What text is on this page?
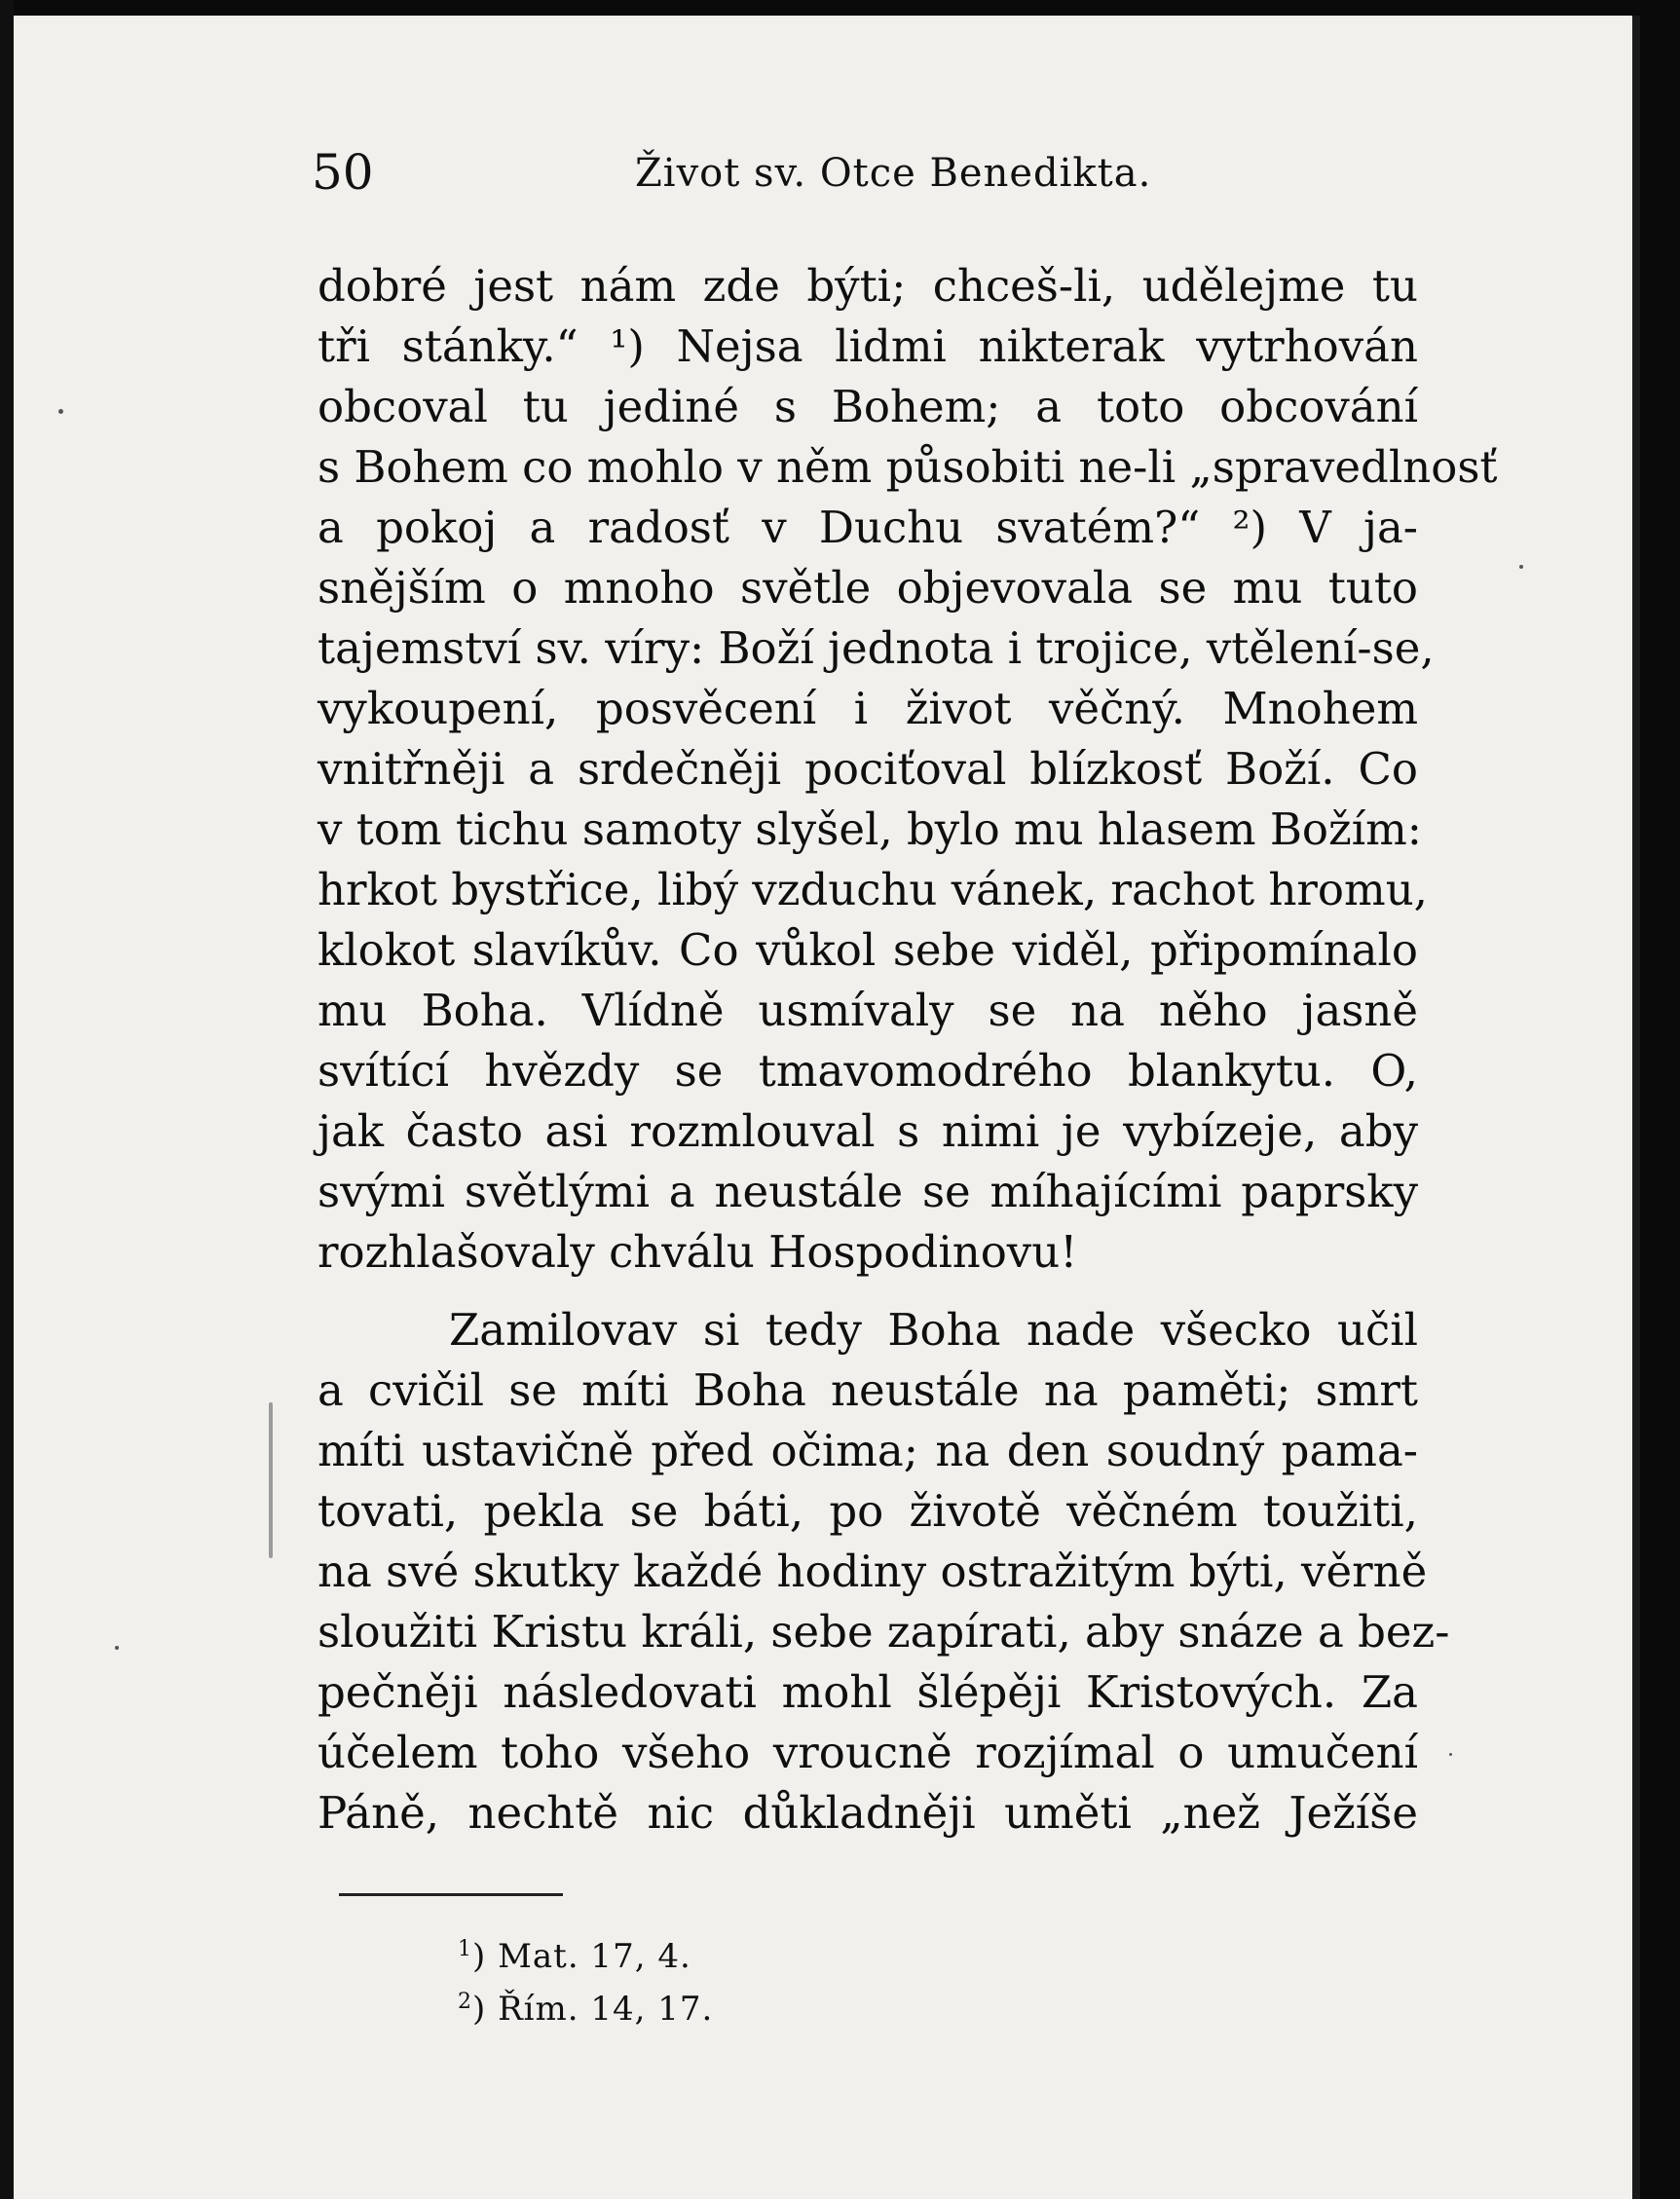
50	Život sv. Otce Benedikta.
dobré jest nám zde býti; chceš-li, udělejme tu
tři stánky.“ ¹) Nejsa lidmi nikterak vytrhován
obcoval tu jediné s Bohem; a toto obcování
s Bohem co mohlo v něm působiti ne-li „spravedlnosť
a pokoj a radosť v Duchu svatém?“ ²) V ja-
snějším o mnoho světle objevovala se mu tuto
tajemství sv. víry: Boží jednota i trojice, vtělení-se,
vykoupení, posvěcení i život věčný. Mnohem
vnitřněji a srdečněji pociťoval blízkosť Boží. Co
v tom tichu samoty slyšel, bylo mu hlasem Božím:
hrkot bystřice, libý vzduchu vánek, rachot hromu,
klokot slavíkův. Co vůkol sebe viděl, připomínalo
mu Boha. Vlídně usmívaly se na něho jasně
svítící hvězdy se tmavomodrého blankytu. O,
jak často asi rozmlouval s nimi je vybízeje, aby
svými světlými a neustále se míhajícími paprsky
rozhlašovaly chválu Hospodinovu!
Zamilovav si tedy Boha nade všecko učil
a cvičil se míti Boha neustále na paměti; smrt
míti ustavičně před očima; na den soudný pama-
tovati, pekla se báti, po životě věčném toužiti,
na své skutky každé hodiny ostražitým býti, věrně
sloužiti Kristu králi, sebe zapírati, aby snáze a bez-
pečněji následovati mohl šlépěji Kristových. Za
účelem toho všeho vroucně rozjímal o umučení
Páně, nechtě nic důkladněji uměti „než Ježíše
$^1$) Mat. 17, 4.
$^2$) Řím. 14, 17.
